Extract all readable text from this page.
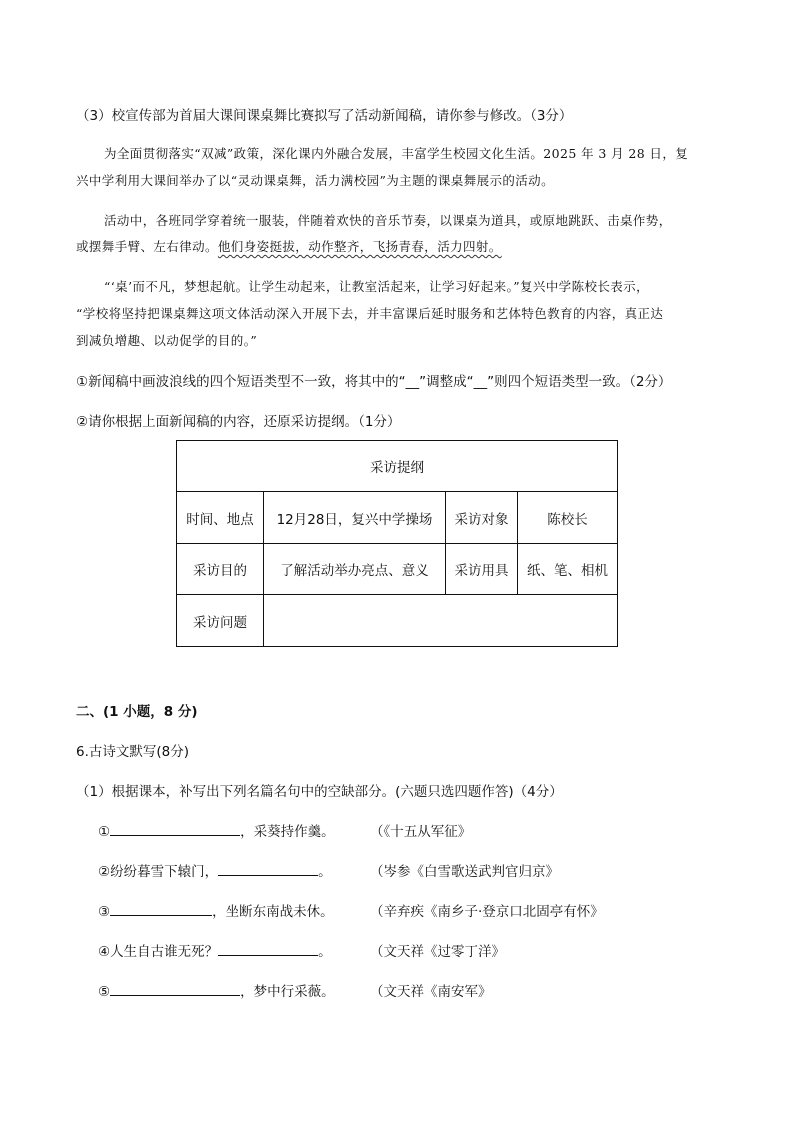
（3）校宣传部为首届大课间课桌舞比赛拟写了活动新闻稿，请你参与修改。（3分）
为全面贯彻落实“双减”政策，深化课内外融合发展，丰富学生校园文化生活。2025 年 3 月 28 日，复
兴中学利用大课间举办了以“灵动课桌舞，活力满校园”为主题的课桌舞展示的活动。
活动中，各班同学穿着统一服装，伴随着欢快的音乐节奏，以课桌为道具，或原地跳跃、击桌作势，
或摆舞手臂、左右律动。他们身姿挺拔，动作整齐，飞扬青春，活力四射。
“‘桌’而不凡，梦想起航。让学生动起来，让教室活起来，让学习好起来。”复兴中学陈校长表示，
“学校将坚持把课桌舞这项文体活动深入开展下去，并丰富课后延时服务和艺体特色教育的内容，真正达
到减负增趣、以动促学的目的。”
①新闻稿中画波浪线的四个短语类型不一致，将其中的“__”调整成“__”则四个短语类型一致。（2分）
②请你根据上面新闻稿的内容，还原采访提纲。（1分）
采访提纲			
时间、地点	12月28日，复兴中学操场	采访对象	陈校长
采访目的	了解活动举办亮点、意义	采访用具	纸、笔、相机
采访问题			
二、(1 小题，8 分)
6.古诗文默写(8分)
（1）根据课本，补写出下列名篇名句中的空缺部分。(六题只选四题作答)（4分）
①	，采葵持作羹。	（《十五从军征》
②纷纷暮雪下辕门，	。	（岑参《白雪歌送武判官归京》
③	，坐断东南战未休。	（辛弃疾《南乡子·登京口北固亭有怀》
④人生自古谁无死？	。	（文天祥《过零丁洋》
⑤	，梦中行采薇。	（文天祥《南安军》
